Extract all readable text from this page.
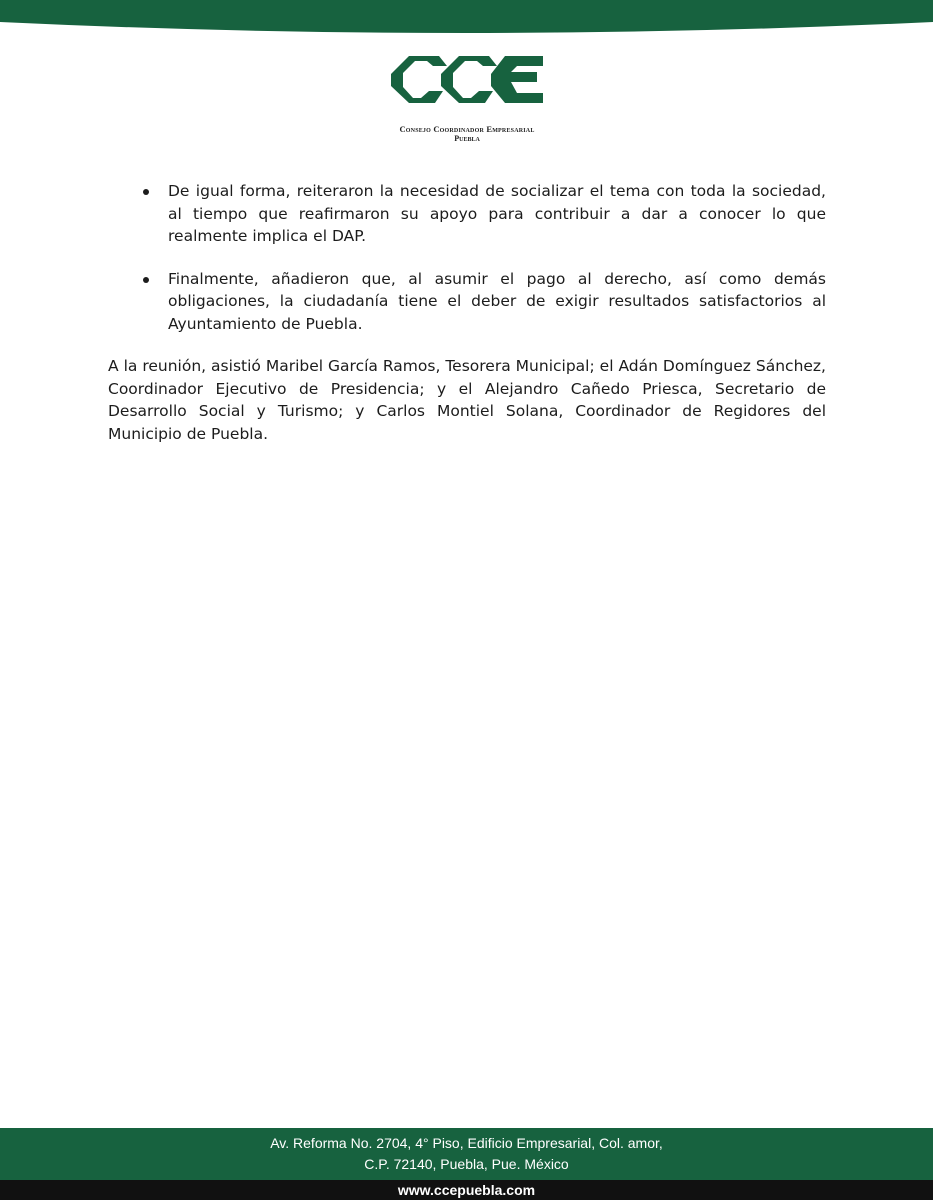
Consejo Coordinador Empresarial
Puebla

De igual forma, reiteraron la necesidad de socializar el tema con toda la sociedad, al tiempo que reafirmaron su apoyo para contribuir a dar a conocer lo que realmente implica el DAP.

Finalmente, añadieron que, al asumir el pago al derecho, así como demás obligaciones, la ciudadanía tiene el deber de exigir resultados satisfactorios al Ayuntamiento de Puebla.

A la reunión, asistió Maribel García Ramos, Tesorera Municipal; el Adán Domínguez Sánchez, Coordinador Ejecutivo de Presidencia; y el Alejandro Cañedo Priesca, Secretario de Desarrollo Social y Turismo; y Carlos Montiel Solana, Coordinador de Regidores del Municipio de Puebla.

Av. Reforma No. 2704, 4° Piso, Edificio Empresarial, Col. amor,
C.P. 72140, Puebla, Pue. México
www.ccepuebla.com
